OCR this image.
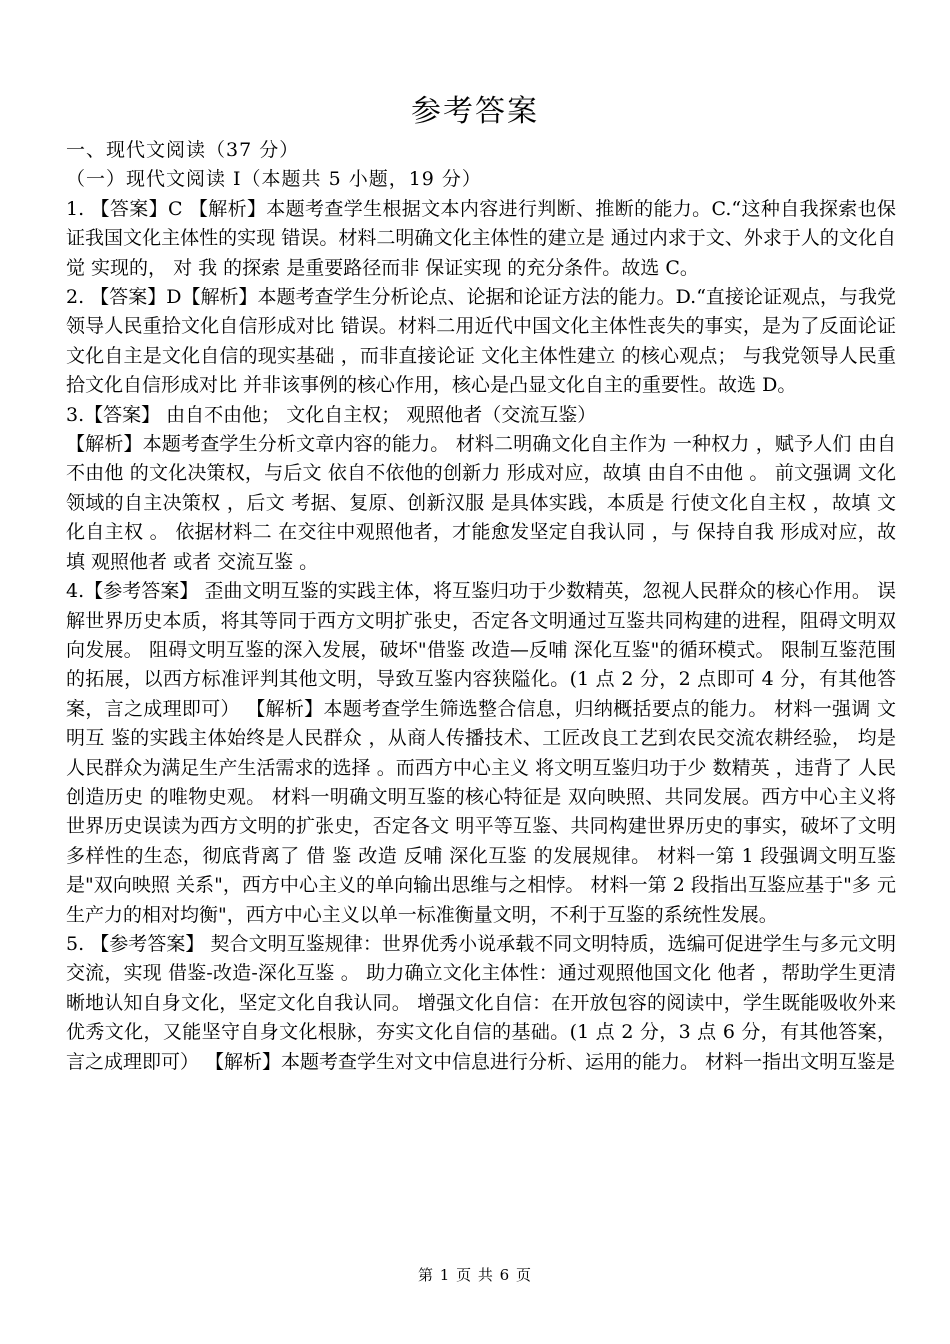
参考答案

一、现代文阅读（37 分）

（一）现代文阅读 I（本题共 5 小题，19 分）

1. 【答案】C 【解析】本题考查学生根据文本内容进行判断、推断的能力。C.“这种自我探索也保证我国文化主体性的实现 错误。材料二明确文化主体性的建立是 通过内求于文、外求于人的文化自觉 实现的， 对 我 的探索 是重要路径而非 保证实现 的充分条件。故选 C。

2. 【答案】D【解析】本题考查学生分析论点、论据和论证方法的能力。D.“直接论证观点，与我党领导人民重拾文化自信形成对比 错误。材料二用近代中国文化主体性丧失的事实，是为了反面论证 文化自主是文化自信的现实基础 ，而非直接论证 文化主体性建立 的核心观点； 与我党领导人民重拾文化自信形成对比 并非该事例的核心作用，核心是凸显文化自主的重要性。故选 D。

3.【答案】 由自不由他； 文化自主权； 观照他者（交流互鉴）

【解析】本题考查学生分析文章内容的能力。 材料二明确文化自主作为 一种权力 ，赋予人们 由自不由他 的文化决策权，与后文 依自不依他的创新力 形成对应，故填 由自不由他 。 前文强调 文化领域的自主决策权 ，后文 考据、复原、创新汉服 是具体实践，本质是 行使文化自主权 ，故填 文化自主权 。 依据材料二 在交往中观照他者，才能愈发坚定自我认同 ，与 保持自我 形成对应，故填 观照他者 或者 交流互鉴 。

4.【参考答案】 歪曲文明互鉴的实践主体，将互鉴归功于少数精英，忽视人民群众的核心作用。 误解世界历史本质，将其等同于西方文明扩张史，否定各文明通过互鉴共同构建的进程，阻碍文明双向发展。 阻碍文明互鉴的深入发展，破坏"借鉴 改造—反哺 深化互鉴"的循环模式。 限制互鉴范围的拓展，以西方标准评判其他文明，导致互鉴内容狭隘化。(1 点 2 分，2 点即可 4 分，有其他答案，言之成理即可） 【解析】本题考查学生筛选整合信息，归纳概括要点的能力。 材料一强调 文明互 鉴的实践主体始终是人民群众 ，从商人传播技术、工匠改良工艺到农民交流农耕经验， 均是 人民群众为满足生产生活需求的选择 。而西方中心主义 将文明互鉴归功于少 数精英 ，违背了 人民创造历史 的唯物史观。 材料一明确文明互鉴的核心特征是 双向映照、共同发展。西方中心主义将世界历史误读为西方文明的扩张史，否定各文 明平等互鉴、共同构建世界历史的事实，破坏了文明多样性的生态，彻底背离了 借 鉴 改造 反哺 深化互鉴 的发展规律。 材料一第 1 段强调文明互鉴是"双向映照 关系"，西方中心主义的单向输出思维与之相悖。 材料一第 2 段指出互鉴应基于"多 元生产力的相对均衡"，西方中心主义以单一标准衡量文明，不利于互鉴的系统性发展。

5. 【参考答案】 契合文明互鉴规律：世界优秀小说承载不同文明特质，选编可促进学生与多元文明交流，实现 借鉴-改造-深化互鉴 。 助力确立文化主体性：通过观照他国文化 他者 ，帮助学生更清晰地认知自身文化，坚定文化自我认同。 增强文化自信：在开放包容的阅读中，学生既能吸收外来优秀文化，又能坚守自身文化根脉，夯实文化自信的基础。(1 点 2 分，3 点 6 分，有其他答案，言之成理即可） 【解析】本题考查学生对文中信息进行分析、运用的能力。 材料一指出文明互鉴是

第 1 页 共 6 页
